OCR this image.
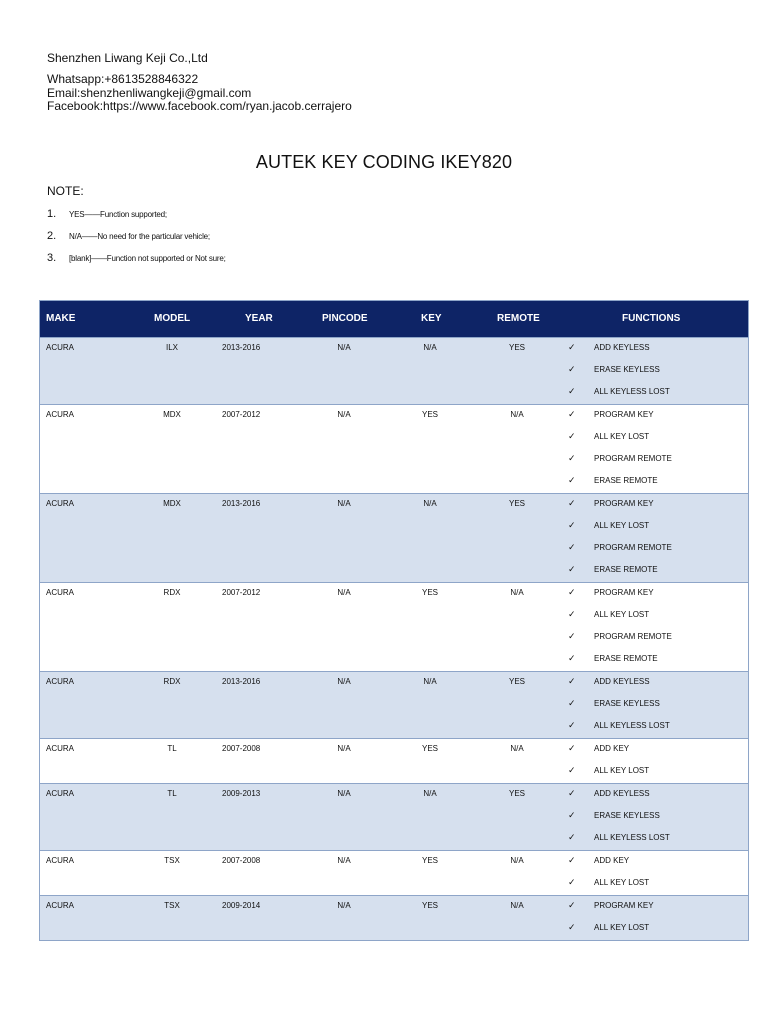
Shenzhen Liwang Keji Co.,Ltd
Whatsapp:+8613528846322
Email:shenzhenliwangkeji@gmail.com
Facebook:https://www.facebook.com/ryan.jacob.cerrajero
AUTEK KEY CODING IKEY820
NOTE:
1. YES——Function supported;
2. N/A——No need for the particular vehicle;
3. [blank]——Function not supported or Not sure;
MAKE	MODEL	YEAR	PINCODE	KEY	REMOTE	FUNCTIONS
ACURA	ILX	2013-2016	N/A	N/A	YES	✓ ADD KEYLESS
✓ ERASE KEYLESS
✓ ALL KEYLESS LOST
ACURA	MDX	2007-2012	N/A	YES	N/A	✓ PROGRAM KEY
✓ ALL KEY LOST
✓ PROGRAM REMOTE
✓ ERASE REMOTE
ACURA	MDX	2013-2016	N/A	N/A	YES	✓ PROGRAM KEY
✓ ALL KEY LOST
✓ PROGRAM REMOTE
✓ ERASE REMOTE
ACURA	RDX	2007-2012	N/A	YES	N/A	✓ PROGRAM KEY
✓ ALL KEY LOST
✓ PROGRAM REMOTE
✓ ERASE REMOTE
ACURA	RDX	2013-2016	N/A	N/A	YES	✓ ADD KEYLESS
✓ ERASE KEYLESS
✓ ALL KEYLESS LOST
ACURA	TL	2007-2008	N/A	YES	N/A	✓ ADD KEY
✓ ALL KEY LOST
ACURA	TL	2009-2013	N/A	N/A	YES	✓ ADD KEYLESS
✓ ERASE KEYLESS
✓ ALL KEYLESS LOST
ACURA	TSX	2007-2008	N/A	YES	N/A	✓ ADD KEY
✓ ALL KEY LOST
ACURA	TSX	2009-2014	N/A	YES	N/A	✓ PROGRAM KEY
✓ ALL KEY LOST
